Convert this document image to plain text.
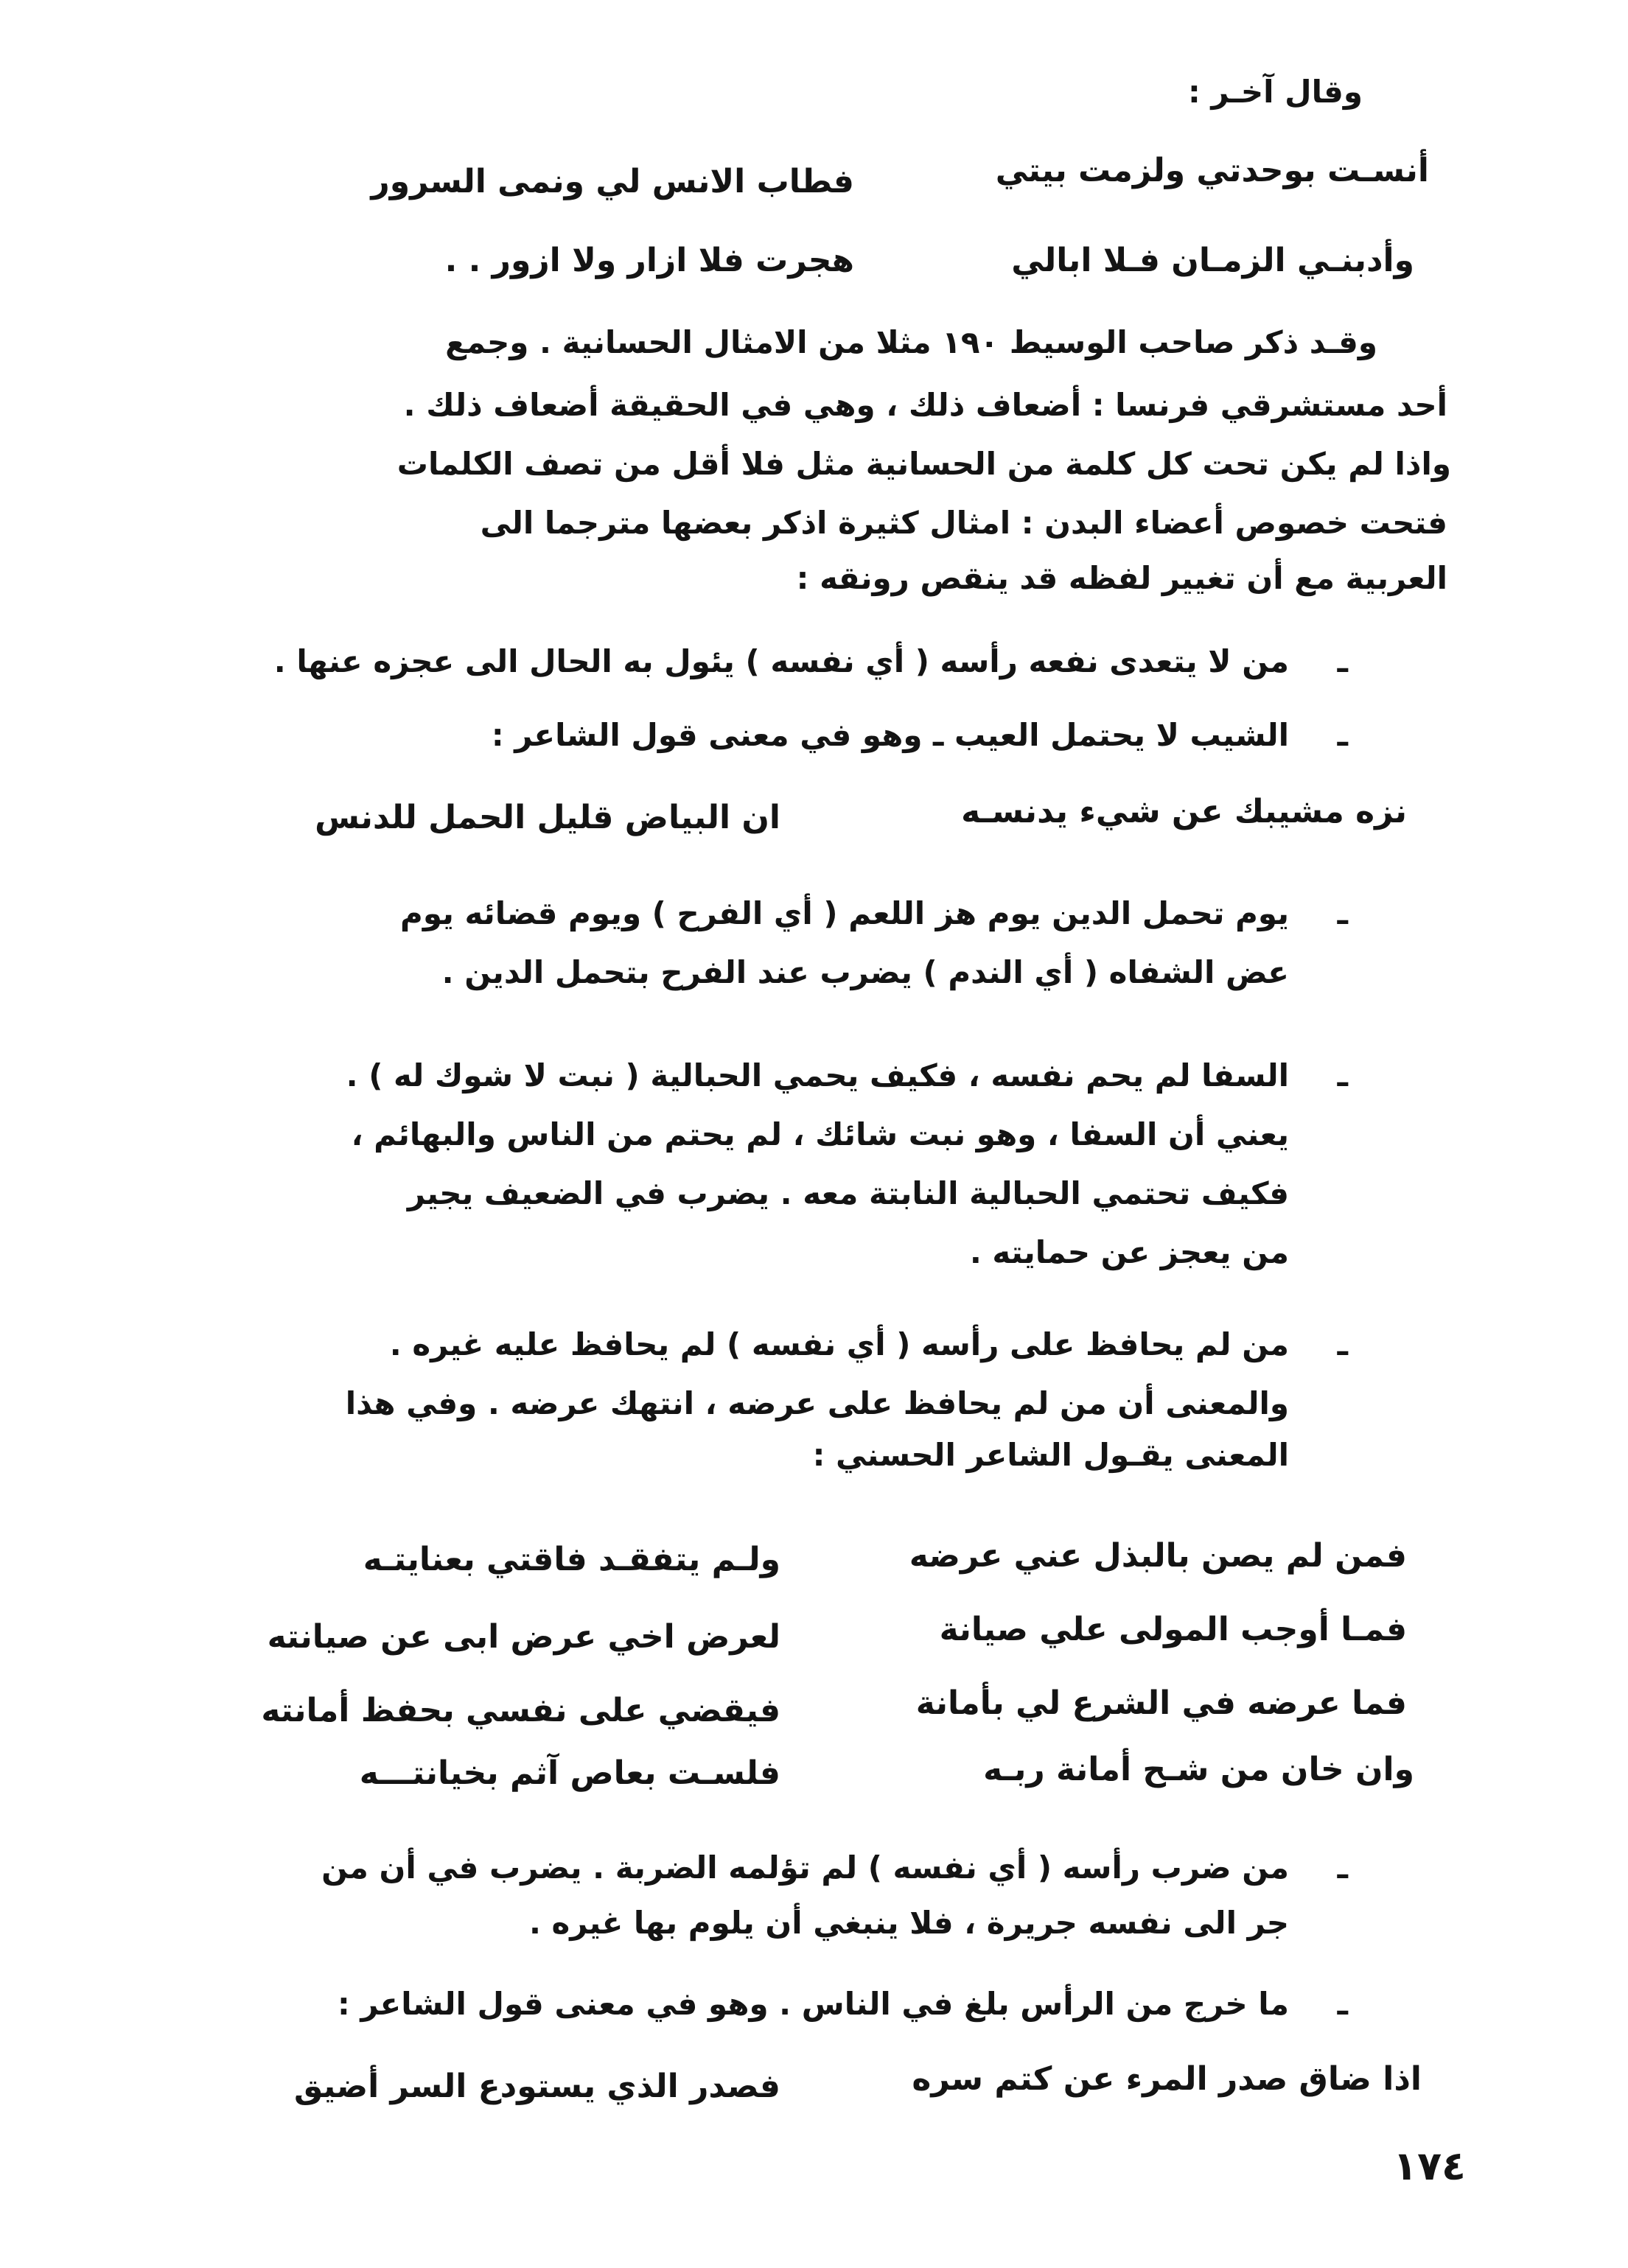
وقال آخـر :
أنسـت بوحدتي ولزمت بيتي
فطاب الانس لي ونمى السرور
وأدبنـي الزمـان فـلا ابالي
هجرت فلا ازار ولا ازور . .
وقـد ذكر صاحب الوسيط ١٩٠ مثلا من الامثال الحسانية . وجمع
أحد مستشرقي فرنسا : أضعاف ذلك ، وهي في الحقيقة أضعاف ذلك .
واذا لم يكن تحت كل كلمة من الحسانية مثل فلا أقل من تصف الكلمات
فتحت خصوص أعضاء البدن : امثال كثيرة اذكر بعضها مترجما الى
العربية مع أن تغيير لفظه قد ينقص رونقه :
ـ
من لا يتعدى نفعه رأسه ( أي نفسه ) يئول به الحال الى عجزه عنها .
ـ
الشيب لا يحتمل العيب ـ وهو في معنى قول الشاعر :
نزه مشيبك عن شيء يدنسـه
ان البياض قليل الحمل للدنس
ـ
يوم تحمل الدين يوم هز اللعم ( أي الفرح ) ويوم قضائه يوم
عض الشفاه ( أي الندم ) يضرب عند الفرح بتحمل الدين .
ـ
السفا لم يحم نفسه ، فكيف يحمي الحبالية ( نبت لا شوك له ) .
يعني أن السفا ، وهو نبت شائك ، لم يحتم من الناس والبهائم ،
فكيف تحتمي الحبالية النابتة معه . يضرب في الضعيف يجير
من يعجز عن حمايته .
ـ
من لم يحافظ على رأسه ( أي نفسه ) لم يحافظ عليه غيره .
والمعنى أن من لم يحافظ على عرضه ، انتهك عرضه . وفي هذا
المعنى يقـول الشاعر الحسني :
فمن لم يصن بالبذل عني عرضه
ولـم يتفقـد فاقتي بعنايتـه
فمـا أوجب المولى علي صيانة
لعرض اخي عرض ابى عن صيانته
فما عرضه في الشرع لي بأمانة
فيقضي على نفسي بحفظ أمانته
وان خان من شـح أمانة ربـه
فلسـت بعاص آثم بخيانتـــه
ـ
من ضرب رأسه ( أي نفسه ) لم تؤلمه الضربة . يضرب في أن من
جر الى نفسه جريرة ، فلا ينبغي أن يلوم بها غيره .
ـ
ما خرج من الرأس بلغ في الناس . وهو في معنى قول الشاعر :
اذا ضاق صدر المرء عن كتم سره
فصدر الذي يستودع السر أضيق
١٧٤
